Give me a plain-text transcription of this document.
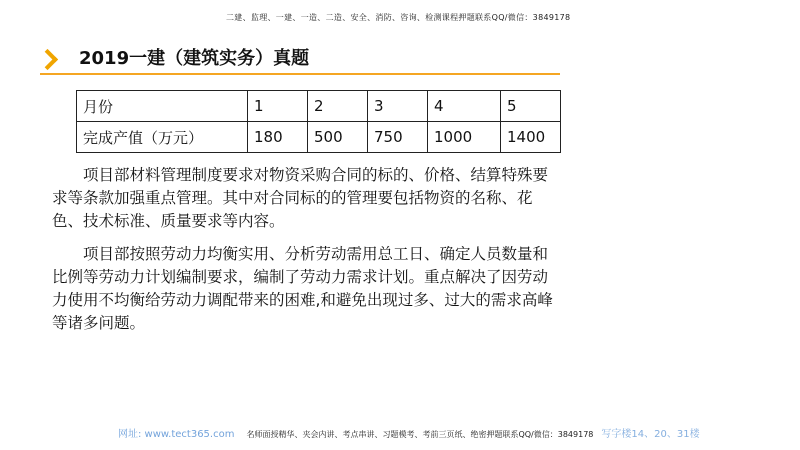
二建、监理、一建、一造、二造、安全、消防、咨询、检测课程押题联系QQ/微信：3849178
2019一建（建筑实务）真题
月份	1	2	3	4	5
完成产值（万元）	180	500	750	1000	1400
项目部材料管理制度要求对物资采购合同的标的、价格、结算特殊要求等条款加强重点管理。其中对合同标的的管理要包括物资的名称、花色、技术标准、质量要求等内容。
项目部按照劳动力均衡实用、分析劳动需用总工日、确定人员数量和比例等劳动力计划编制要求，编制了劳动力需求计划。重点解决了因劳动力使用不均衡给劳动力调配带来的困难,和避免出现过多、过大的需求高峰等诸多问题。
网址: www.tect365.com 名师面授精华、夹会内讲、考点串讲、习题模考、考前三页纸、绝密押题联系QQ/微信：3849178 写字楼14、20、31楼
